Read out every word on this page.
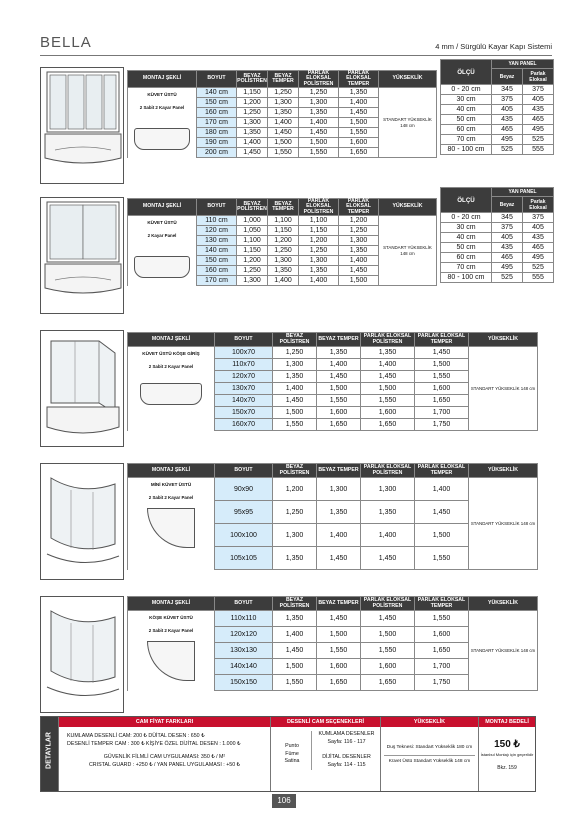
BELLA	4 mm / Sürgülü Kayar Kapı Sistemi
MONTAJ ŞEKLİ	BOYUT	BEYAZ POLİSTREN	BEYAZ TEMPER	PARLAK ELOKSAL POLİSTREN	PARLAK ELOKSAL TEMPER	YÜKSEKLİK

KÜVET ÜSTÜ
2 Sabit 2 Kayar Panel	140 cm	1,150	1,250	1,250	1,350	STANDART YÜKSEKLİK 148 cm
	150 cm	1,200	1,300	1,300	1,400	
	160 cm	1,250	1,350	1,350	1,450	
	170 cm	1,300	1,400	1,400	1,500	
	180 cm	1,350	1,450	1,450	1,550	
	190 cm	1,400	1,500	1,500	1,600	
	200 cm	1,450	1,550	1,550	1,650	
ÖLÇÜ	YAN PANEL	
	Beyaz	Parlak Eloksal
0 - 20 cm	345	375
30 cm	375	405
40 cm	405	435
50 cm	435	465
60 cm	465	495
70 cm	495	525
80 - 100 cm	525	555
MONTAJ ŞEKLİ	BOYUT	BEYAZ POLİSTREN	BEYAZ TEMPER	PARLAK ELOKSAL POLİSTREN	PARLAK ELOKSAL TEMPER	YÜKSEKLİK

KÜVET ÜSTÜ
2 Kayar Panel	110 cm	1,000	1,100	1,100	1,200	STANDART YÜKSEKLİK 148 cm
	120 cm	1,050	1,150	1,150	1,250	
	130 cm	1,100	1,200	1,200	1,300	
	140 cm	1,150	1,250	1,250	1,350	
	150 cm	1,200	1,300	1,300	1,400	
	160 cm	1,250	1,350	1,350	1,450	
	170 cm	1,300	1,400	1,400	1,500	
ÖLÇÜ	YAN PANEL	
	Beyaz	Parlak Eloksal
0 - 20 cm	345	375
30 cm	375	405
40 cm	405	435
50 cm	435	465
60 cm	465	495
70 cm	495	525
80 - 100 cm	525	555
MONTAJ ŞEKLİ	BOYUT	BEYAZ POLİSTREN	BEYAZ TEMPER	PARLAK ELOKSAL POLİSTREN	PARLAK ELOKSAL TEMPER	YÜKSEKLİK

KÜVET ÜSTÜ KÖŞE GİRİŞ
2 Sabit 2 Kayar Panel	100x70	1,250	1,350	1,350	1,450	STANDART YÜKSEKLİK 148 cm
	110x70	1,300	1,400	1,400	1,500	
	120x70	1,350	1,450	1,450	1,550	
	130x70	1,400	1,500	1,500	1,600	
	140x70	1,450	1,550	1,550	1,650	
	150x70	1,500	1,600	1,600	1,700	
	160x70	1,550	1,650	1,650	1,750	
MONTAJ ŞEKLİ	BOYUT	BEYAZ POLİSTREN	BEYAZ TEMPER	PARLAK ELOKSAL POLİSTREN	PARLAK ELOKSAL TEMPER	YÜKSEKLİK

MİNİ KÜVET ÜSTÜ
2 Sabit 2 Kayar Panel	90x90	1,200	1,300	1,300	1,400	STANDART YÜKSEKLİK 148 cm
	95x95	1,250	1,350	1,350	1,450	
	100x100	1,300	1,400	1,400	1,500	
	105x105	1,350	1,450	1,450	1,550	
MONTAJ ŞEKLİ	BOYUT	BEYAZ POLİSTREN	BEYAZ TEMPER	PARLAK ELOKSAL POLİSTREN	PARLAK ELOKSAL TEMPER	YÜKSEKLİK

KÖŞE KÜVET ÜSTÜ
2 Sabit 2 Kayar Panel	110x110	1,350	1,450	1,450	1,550	STANDART YÜKSEKLİK 148 cm
	120x120	1,400	1,500	1,500	1,600	
	130x130	1,450	1,550	1,550	1,650	
	140x140	1,500	1,600	1,600	1,700	
	150x150	1,550	1,650	1,650	1,750	
DETAYLAR
CAM FİYAT FARKLARI
KUMLAMA DESENLİ CAM: 200 ₺ DÜİTAL DESEN : 650 ₺
DESENLİ TEMPER CAM : 300 ₺ KİŞİYE ÖZEL DİJİTAL DESEN : 1.000 ₺
GÜVENLİK FİLMLİ CAM UYGULAMASI: 350 ₺ / M²
CRISTAL GUARD : +250 ₺ / YAN PANEL UYGULAMASI : +50 ₺
DESENLİ CAM SEÇENEKLERİ
Punto
Füme
Satina
KUMLAMA DESENLER
Sayfa: 116 - 117
DİJİTAL DESENLER
Sayfa: 114 - 115
YÜKSEKLİK
Duş Teknesi: Standart Yükseklik 180 cm
Küvet Üstü Standart Yükseklik 148 cm
MONTAJ BEDELİ
150 ₺
İstanbul Montajı için geçerlidir
Bkz. 159
106
